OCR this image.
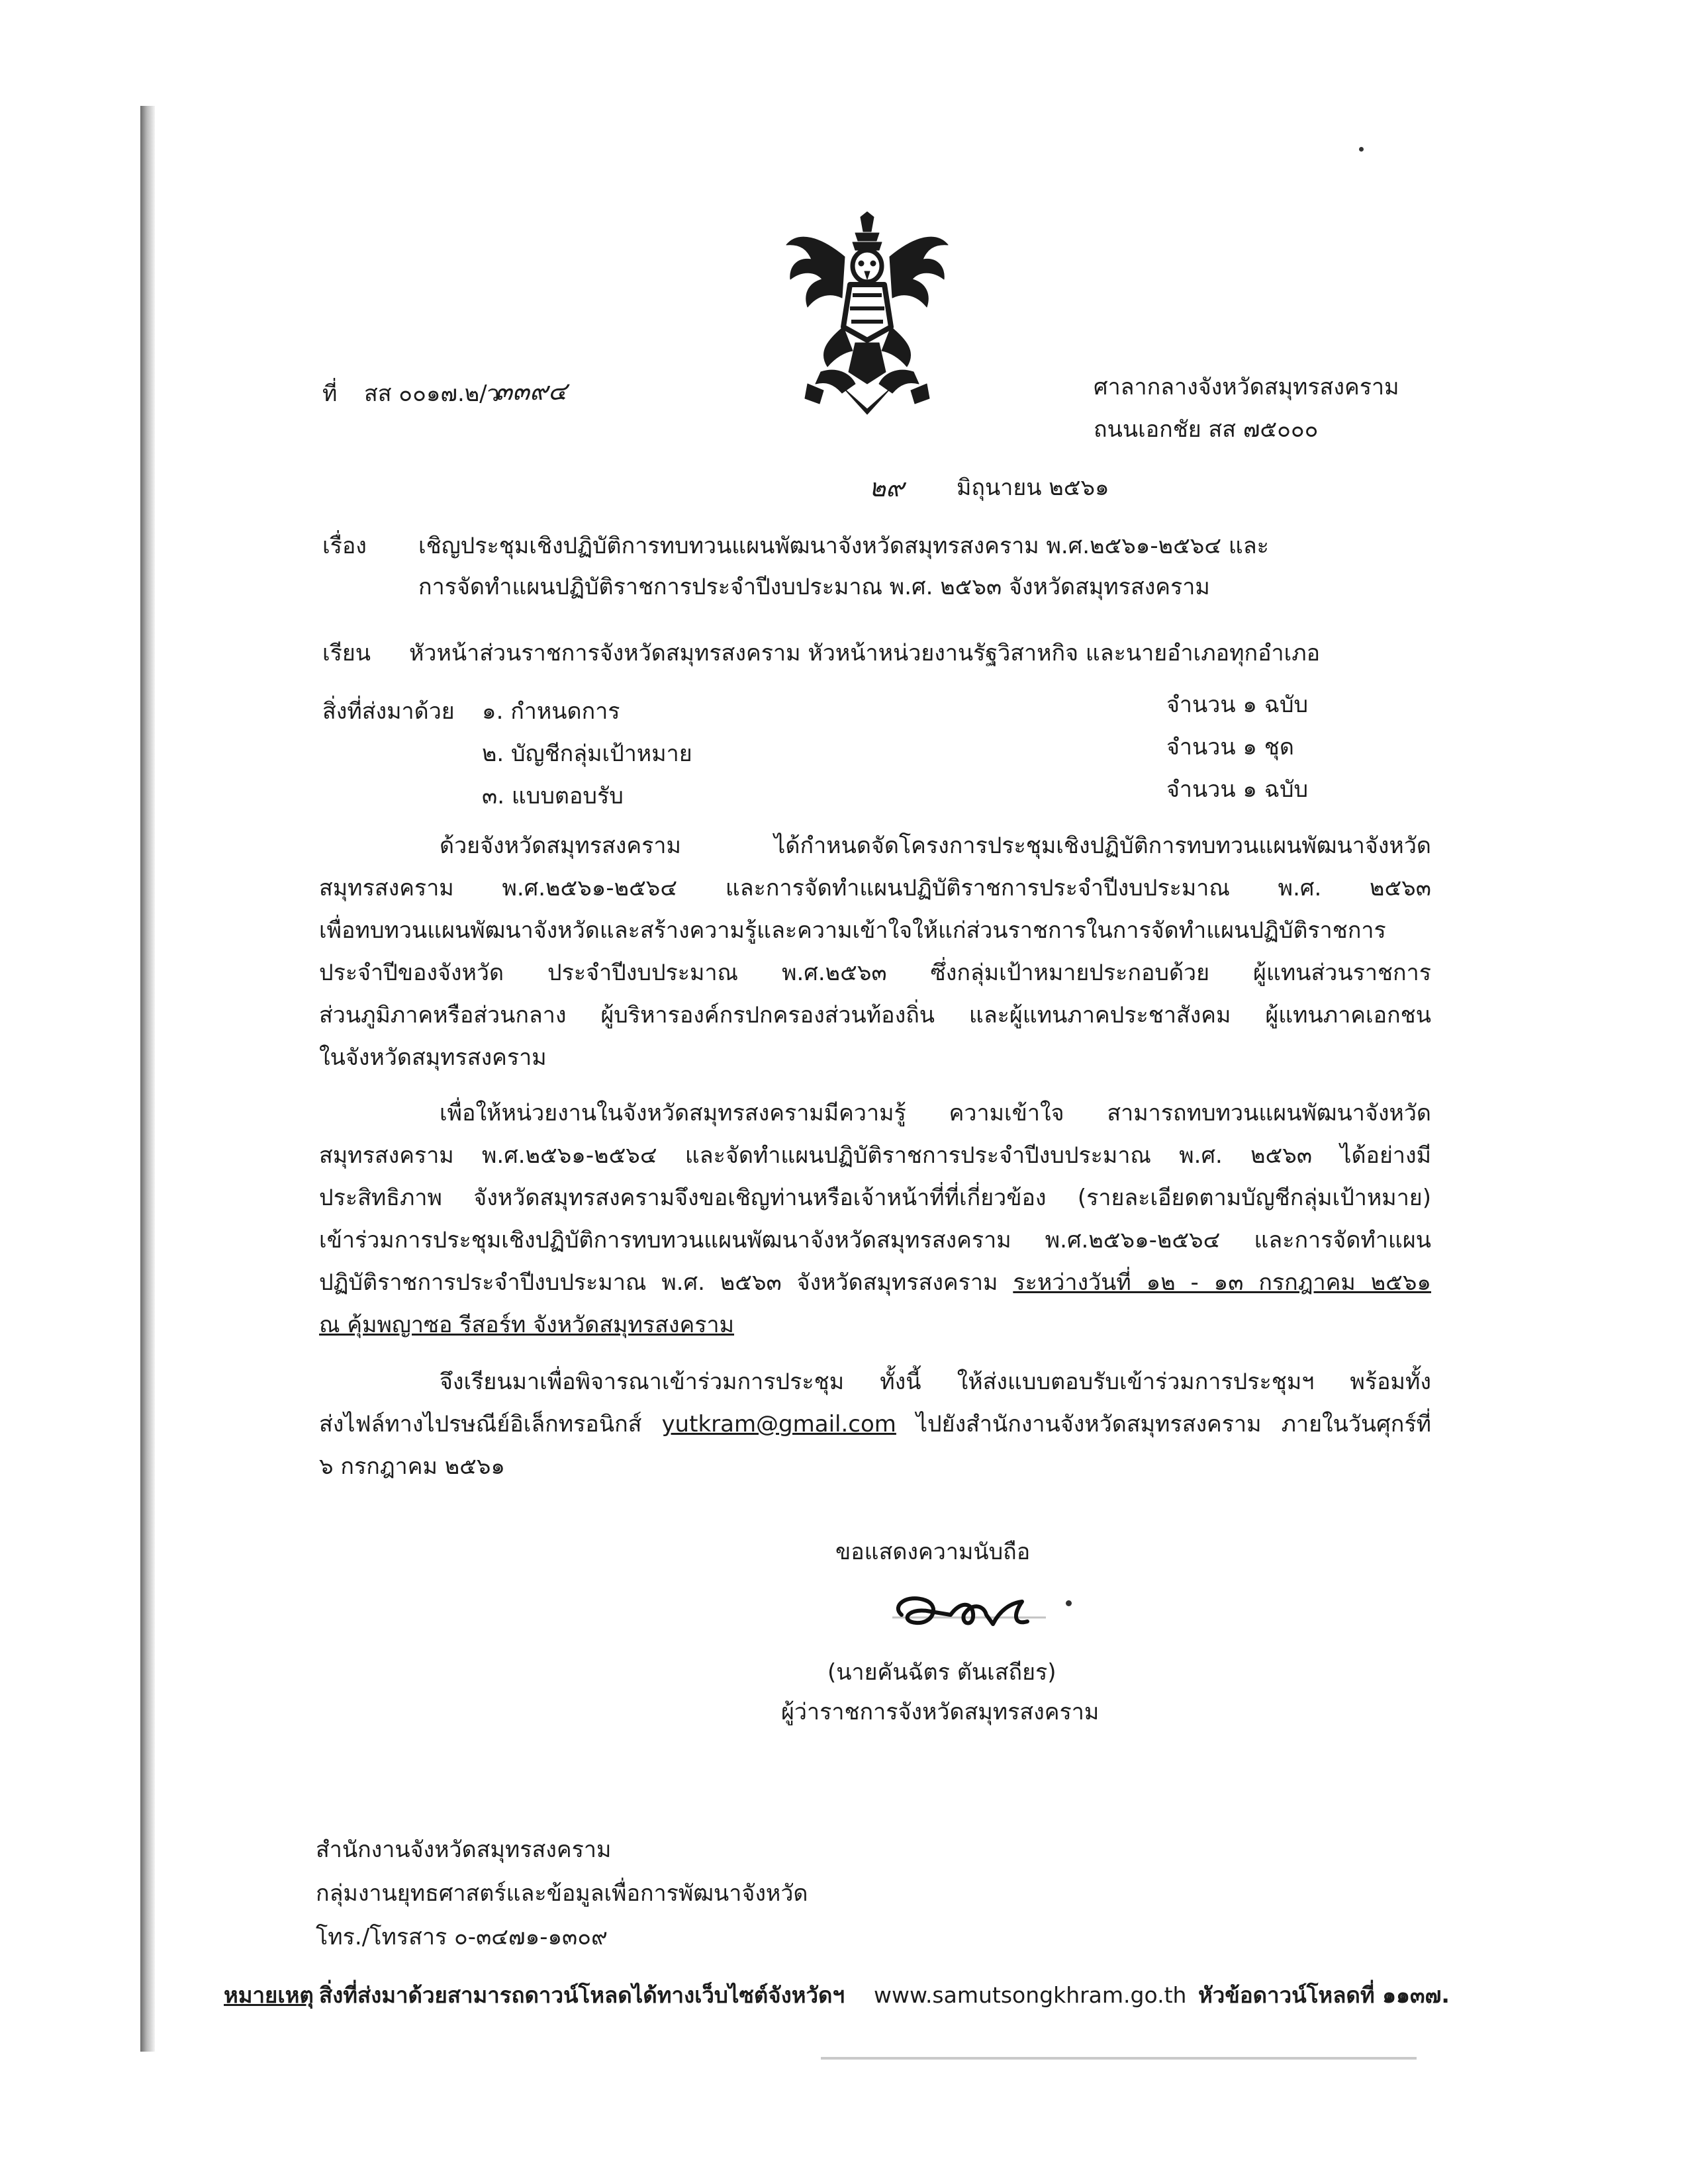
ที่ สส ๐๐๑๗.๒/ว
๓๓๙๔	ศาลากลางจังหวัดสมุทรสงคราม
ถนนเอกชัย สส ๗๕๐๐๐
๒๙ มิถุนายน ๒๕๖๑
เรื่อง เชิญประชุมเชิงปฏิบัติการทบทวนแผนพัฒนาจังหวัดสมุทรสงคราม พ.ศ.๒๕๖๑-๒๕๖๔ และ
การจัดทำแผนปฏิบัติราชการประจำปีงบประมาณ พ.ศ. ๒๕๖๓ จังหวัดสมุทรสงคราม
เรียน หัวหน้าส่วนราชการจังหวัดสมุทรสงคราม หัวหน้าหน่วยงานรัฐวิสาหกิจ และนายอำเภอทุกอำเภอ
สิ่งที่ส่งมาด้วย ๑. กำหนดการ	จำนวน ๑ ฉบับ
๒. บัญชีกลุ่มเป้าหมาย	จำนวน ๑ ชุด
๓. แบบตอบรับ	จำนวน ๑ ฉบับ
ด้วยจังหวัดสมุทรสงคราม ได้กำหนดจัดโครงการประชุมเชิงปฏิบัติการทบทวนแผนพัฒนาจังหวัด
สมุทรสงคราม พ.ศ.๒๕๖๑-๒๕๖๔ และการจัดทำแผนปฏิบัติราชการประจำปีงบประมาณ พ.ศ. ๒๕๖๓
เพื่อทบทวนแผนพัฒนาจังหวัดและสร้างความรู้และความเข้าใจให้แก่ส่วนราชการในการจัดทำแผนปฏิบัติราชการ
ประจำปีของจังหวัด ประจำปีงบประมาณ พ.ศ.๒๕๖๓ ซึ่งกลุ่มเป้าหมายประกอบด้วย ผู้แทนส่วนราชการ
ส่วนภูมิภาคหรือส่วนกลาง ผู้บริหารองค์กรปกครองส่วนท้องถิ่น และผู้แทนภาคประชาสังคม ผู้แทนภาคเอกชน
ในจังหวัดสมุทรสงคราม
เพื่อให้หน่วยงานในจังหวัดสมุทรสงครามมีความรู้ ความเข้าใจ สามารถทบทวนแผนพัฒนาจังหวัด
สมุทรสงคราม พ.ศ.๒๕๖๑-๒๕๖๔ และจัดทำแผนปฏิบัติราชการประจำปีงบประมาณ พ.ศ. ๒๕๖๓ ได้อย่างมี
ประสิทธิภาพ จังหวัดสมุทรสงครามจึงขอเชิญท่านหรือเจ้าหน้าที่ที่เกี่ยวข้อง (รายละเอียดตามบัญชีกลุ่มเป้าหมาย)
เข้าร่วมการประชุมเชิงปฏิบัติการทบทวนแผนพัฒนาจังหวัดสมุทรสงคราม พ.ศ.๒๕๖๑-๒๕๖๔ และการจัดทำแผน
ปฏิบัติราชการประจำปีงบประมาณ พ.ศ. ๒๕๖๓ จังหวัดสมุทรสงคราม ระหว่างวันที่ ๑๒ - ๑๓ กรกฎาคม ๒๕๖๑
ณ คุ้มพญาซอ รีสอร์ท จังหวัดสมุทรสงคราม
จึงเรียนมาเพื่อพิจารณาเข้าร่วมการประชุม ทั้งนี้ ให้ส่งแบบตอบรับเข้าร่วมการประชุมฯ พร้อมทั้ง
ส่งไฟล์ทางไปรษณีย์อิเล็กทรอนิกส์ yutkram@gmail.com ไปยังสำนักงานจังหวัดสมุทรสงคราม ภายในวันศุกร์ที่
๖ กรกฎาคม ๒๕๖๑
ขอแสดงความนับถือ
(นายคันฉัตร ตันเสถียร)
ผู้ว่าราชการจังหวัดสมุทรสงคราม
สำนักงานจังหวัดสมุทรสงคราม
กลุ่มงานยุทธศาสตร์และข้อมูลเพื่อการพัฒนาจังหวัด
โทร./โทรสาร ๐-๓๔๗๑-๑๓๐๙
หมายเหตุ สิ่งที่ส่งมาด้วยสามารถดาวน์โหลดได้ทางเว็บไซต์จังหวัดฯ www.samutsongkhram.go.th หัวข้อดาวน์โหลดที่ ๑๑๓๗.
